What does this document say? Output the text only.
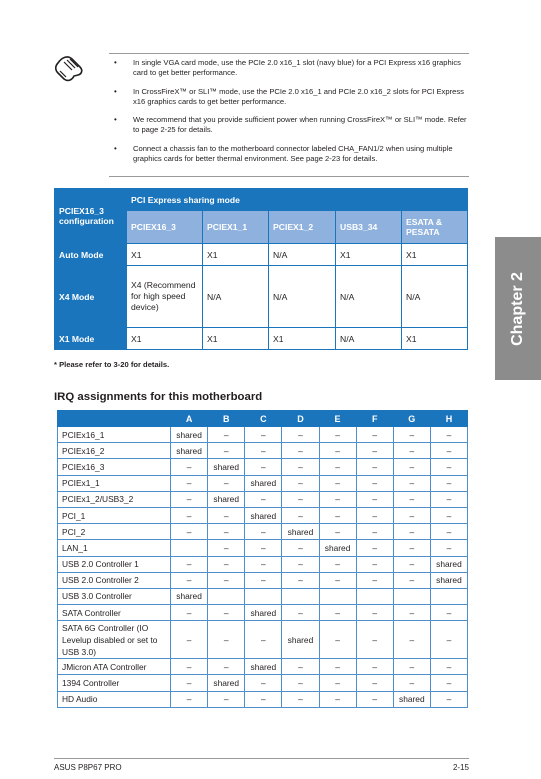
• In single VGA card mode, use the PCIe 2.0 x16_1 slot (navy blue) for a PCI Express x16 graphics card to get better performance.
• In CrossFireX™ or SLI™ mode, use the PCIe 2.0 x16_1 and PCIe 2.0 x16_2 slots for PCI Express x16 graphics cards to get better performance.
• We recommend that you provide sufficient power when running CrossFireX™ or SLI™ mode. Refer to page 2-25 for details.
• Connect a chassis fan to the motherboard connector labeled CHA_FAN1/2 when using multiple graphics cards for better thermal environment. See page 2-23 for details.
PCIEX16_3 configuration	PCI Express sharing mode				
	PCIEX16_3	PCIEX1_1	PCIEX1_2	USB3_34	ESATA & PESATA
Auto Mode	X1	X1	N/A	X1	X1
X4 Mode	X4 (Recommend for high speed device)	N/A	N/A	N/A	N/A
X1 Mode	X1	X1	X1	N/A	X1
* Please refer to 3-20 for details.
IRQ assignments for this motherboard
	A	B	C	D	E	F	G	H
PCIEx16_1	shared	–	–	–	–	–	–	–
PCIEx16_2	shared	–	–	–	–	–	–	–
PCIEx16_3	–	shared	–	–	–	–	–	–
PCIEx1_1	–	–	shared	–	–	–	–	–
PCIEx1_2/USB3_2	–	shared	–	–	–	–	–	–
PCI_1	–	–	shared	–	–	–	–	–
PCI_2	–	–	–	shared	–	–	–	–
LAN_1		–	–	–	shared	–	–	–
USB 2.0 Controller 1	–	–	–	–	–	–	–	shared
USB 2.0 Controller 2	–	–	–	–	–	–	–	shared
USB 3.0 Controller	shared							
SATA Controller	–	–	shared	–	–	–	–	–
SATA 6G Controller (IO Levelup disabled or set to USB 3.0)	–	–	–	shared	–	–	–	–
JMicron ATA Controller	–	–	shared	–	–	–	–	–
1394 Controller	–	shared	–	–	–	–	–	–
HD Audio	–	–	–	–	–	–	shared	–
Chapter 2
ASUS P8P67 PRO	2-15
